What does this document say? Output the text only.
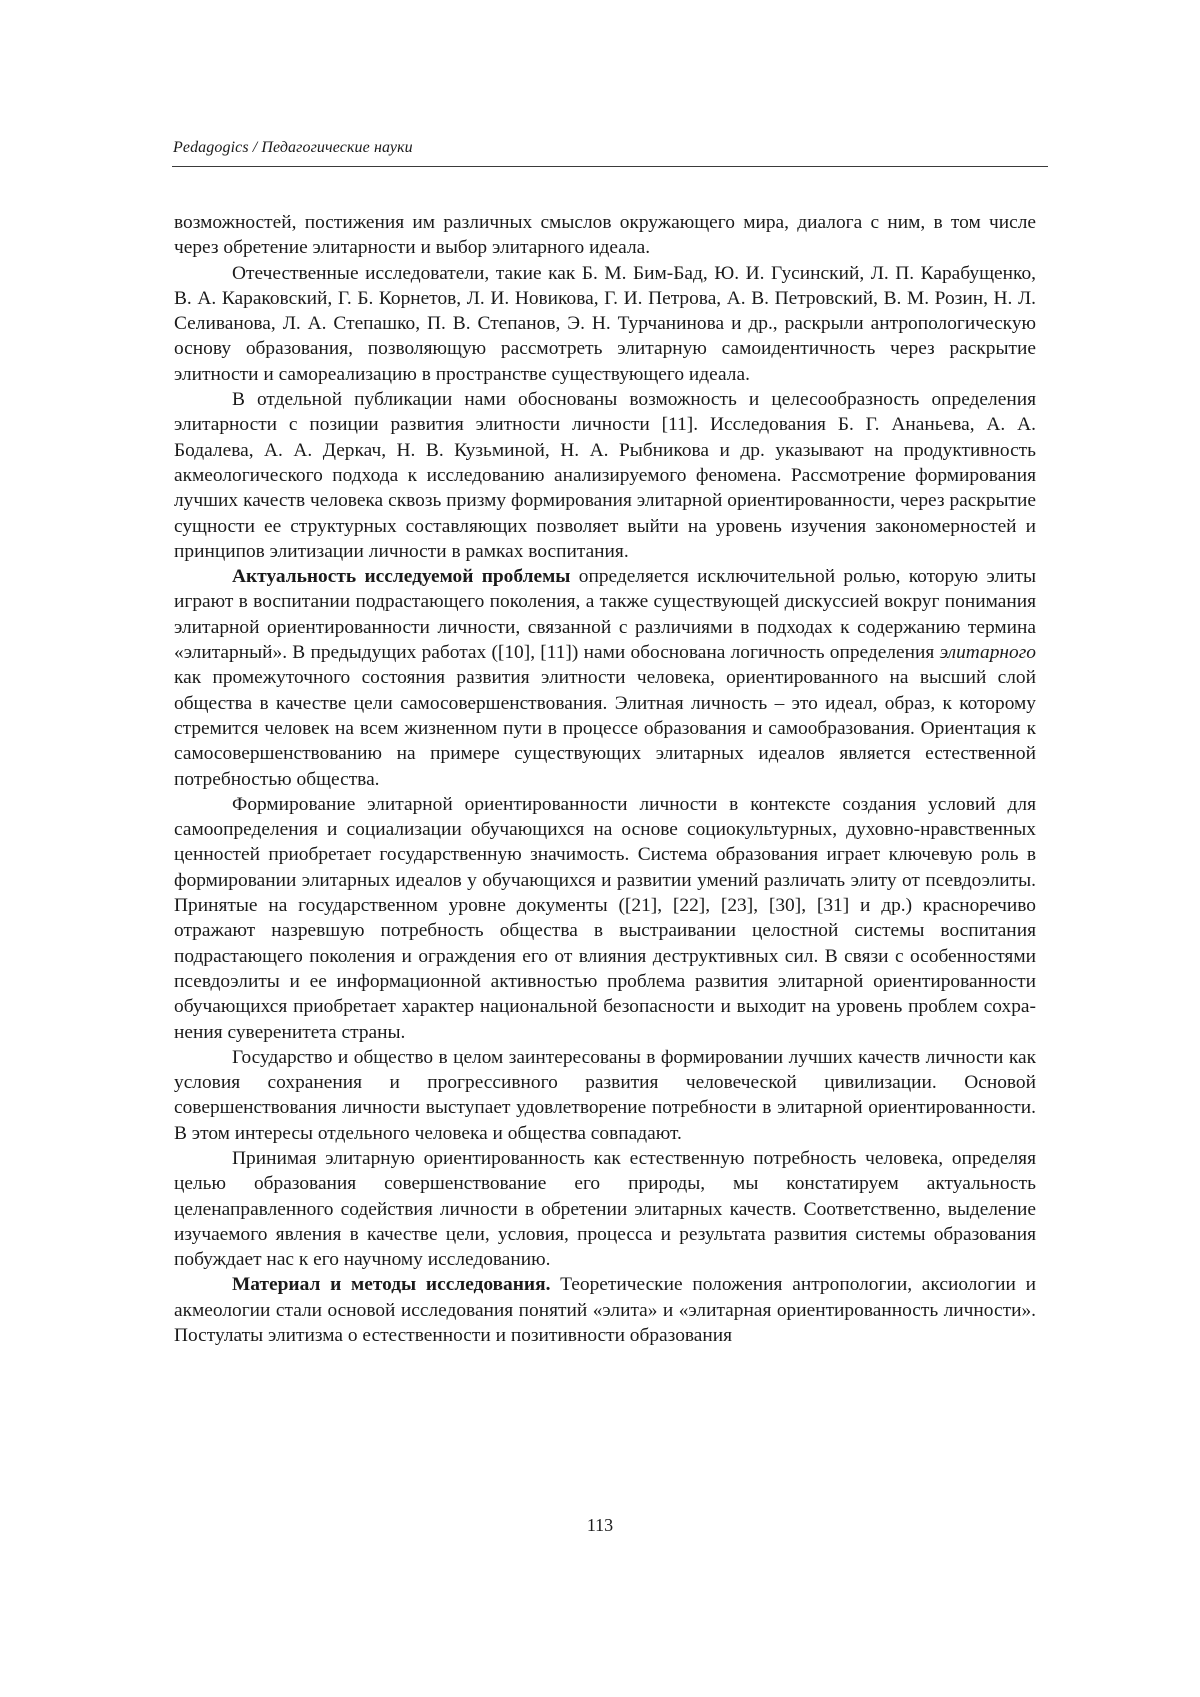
Pedagogics / Педагогические науки

возможностей, постижения им различных смыслов окружающего мира, диалога с ним, в том числе через обретение элитарности и выбор элитарного идеала.

Отечественные исследователи, такие как Б. М. Бим-Бад, Ю. И. Гусинский, Л. П. Карабущенко, В. А. Караковский, Г. Б. Корнетов, Л. И. Новикова, Г. И. Петрова, А. В. Петровский, В. М. Розин, Н. Л. Селиванова, Л. А. Степашко, П. В. Степанов, Э. Н. Турчанинова и др., раскрыли антропологическую основу образования, позволяющую рассмотреть элитарную самоидентичность через раскрытие элитности и самореализацию в пространстве существующего идеала.

В отдельной публикации нами обоснованы возможность и целесообразность определения элитарности с позиции развития элитности личности [11]. Исследования Б. Г. Ананьева, А. А. Бодалева, А. А. Деркач, Н. В. Кузьминой, Н. А. Рыбникова и др. указывают на продуктивность акмеологического подхода к исследованию анализируемого феномена. Рассмотрение формирования лучших качеств человека сквозь призму формирования элитарной ориентированности, через раскрытие сущности ее структурных составляющих позволяет выйти на уровень изучения закономерностей и принципов элитизации личности в рамках воспитания.

Актуальность исследуемой проблемы определяется исключительной ролью, которую элиты играют в воспитании подрастающего поколения, а также существующей дискуссией вокруг понимания элитарной ориентированности личности, связанной с различиями в подходах к содержанию термина «элитарный». В предыдущих работах ([10], [11]) нами обоснована логичность определения элитарного как промежуточного состояния развития элитности человека, ориентированного на высший слой общества в качестве цели самосовершенствования. Элитная личность – это идеал, образ, к которому стремится человек на всем жизненном пути в процессе образования и самообразования. Ориентация к самосовершенствованию на примере существующих элитарных идеалов является естественной потребностью общества.

Формирование элитарной ориентированности личности в контексте создания условий для самоопределения и социализации обучающихся на основе социокультурных, духовно-нравственных ценностей приобретает государственную значимость. Система образования играет ключевую роль в формировании элитарных идеалов у обучающихся и развитии умений различать элиту от псевдоэлиты. Принятые на государственном уровне документы ([21], [22], [23], [30], [31] и др.) красноречиво отражают назревшую потребность общества в выстраивании целостной системы воспитания подрастающего поколения и ограждения его от влияния деструктивных сил. В связи с особенностями псевдоэлиты и ее информационной активностью проблема развития элитарной ориентированности обучающихся приобретает характер национальной безопасности и выходит на уровень проблем сохранения суверенитета страны.

Государство и общество в целом заинтересованы в формировании лучших качеств личности как условия сохранения и прогрессивного развития человеческой цивилизации. Основой совершенствования личности выступает удовлетворение потребности в элитарной ориентированности. В этом интересы отдельного человека и общества совпадают.

Принимая элитарную ориентированность как естественную потребность человека, определяя целью образования совершенствование его природы, мы констатируем актуальность целенаправленного содействия личности в обретении элитарных качеств. Соответственно, выделение изучаемого явления в качестве цели, условия, процесса и результата развития системы образования побуждает нас к его научному исследованию.

Материал и методы исследования. Теоретические положения антропологии, аксиологии и акмеологии стали основой исследования понятий «элита» и «элитарная ориентированность личности». Постулаты элитизма о естественности и позитивности образования

113
